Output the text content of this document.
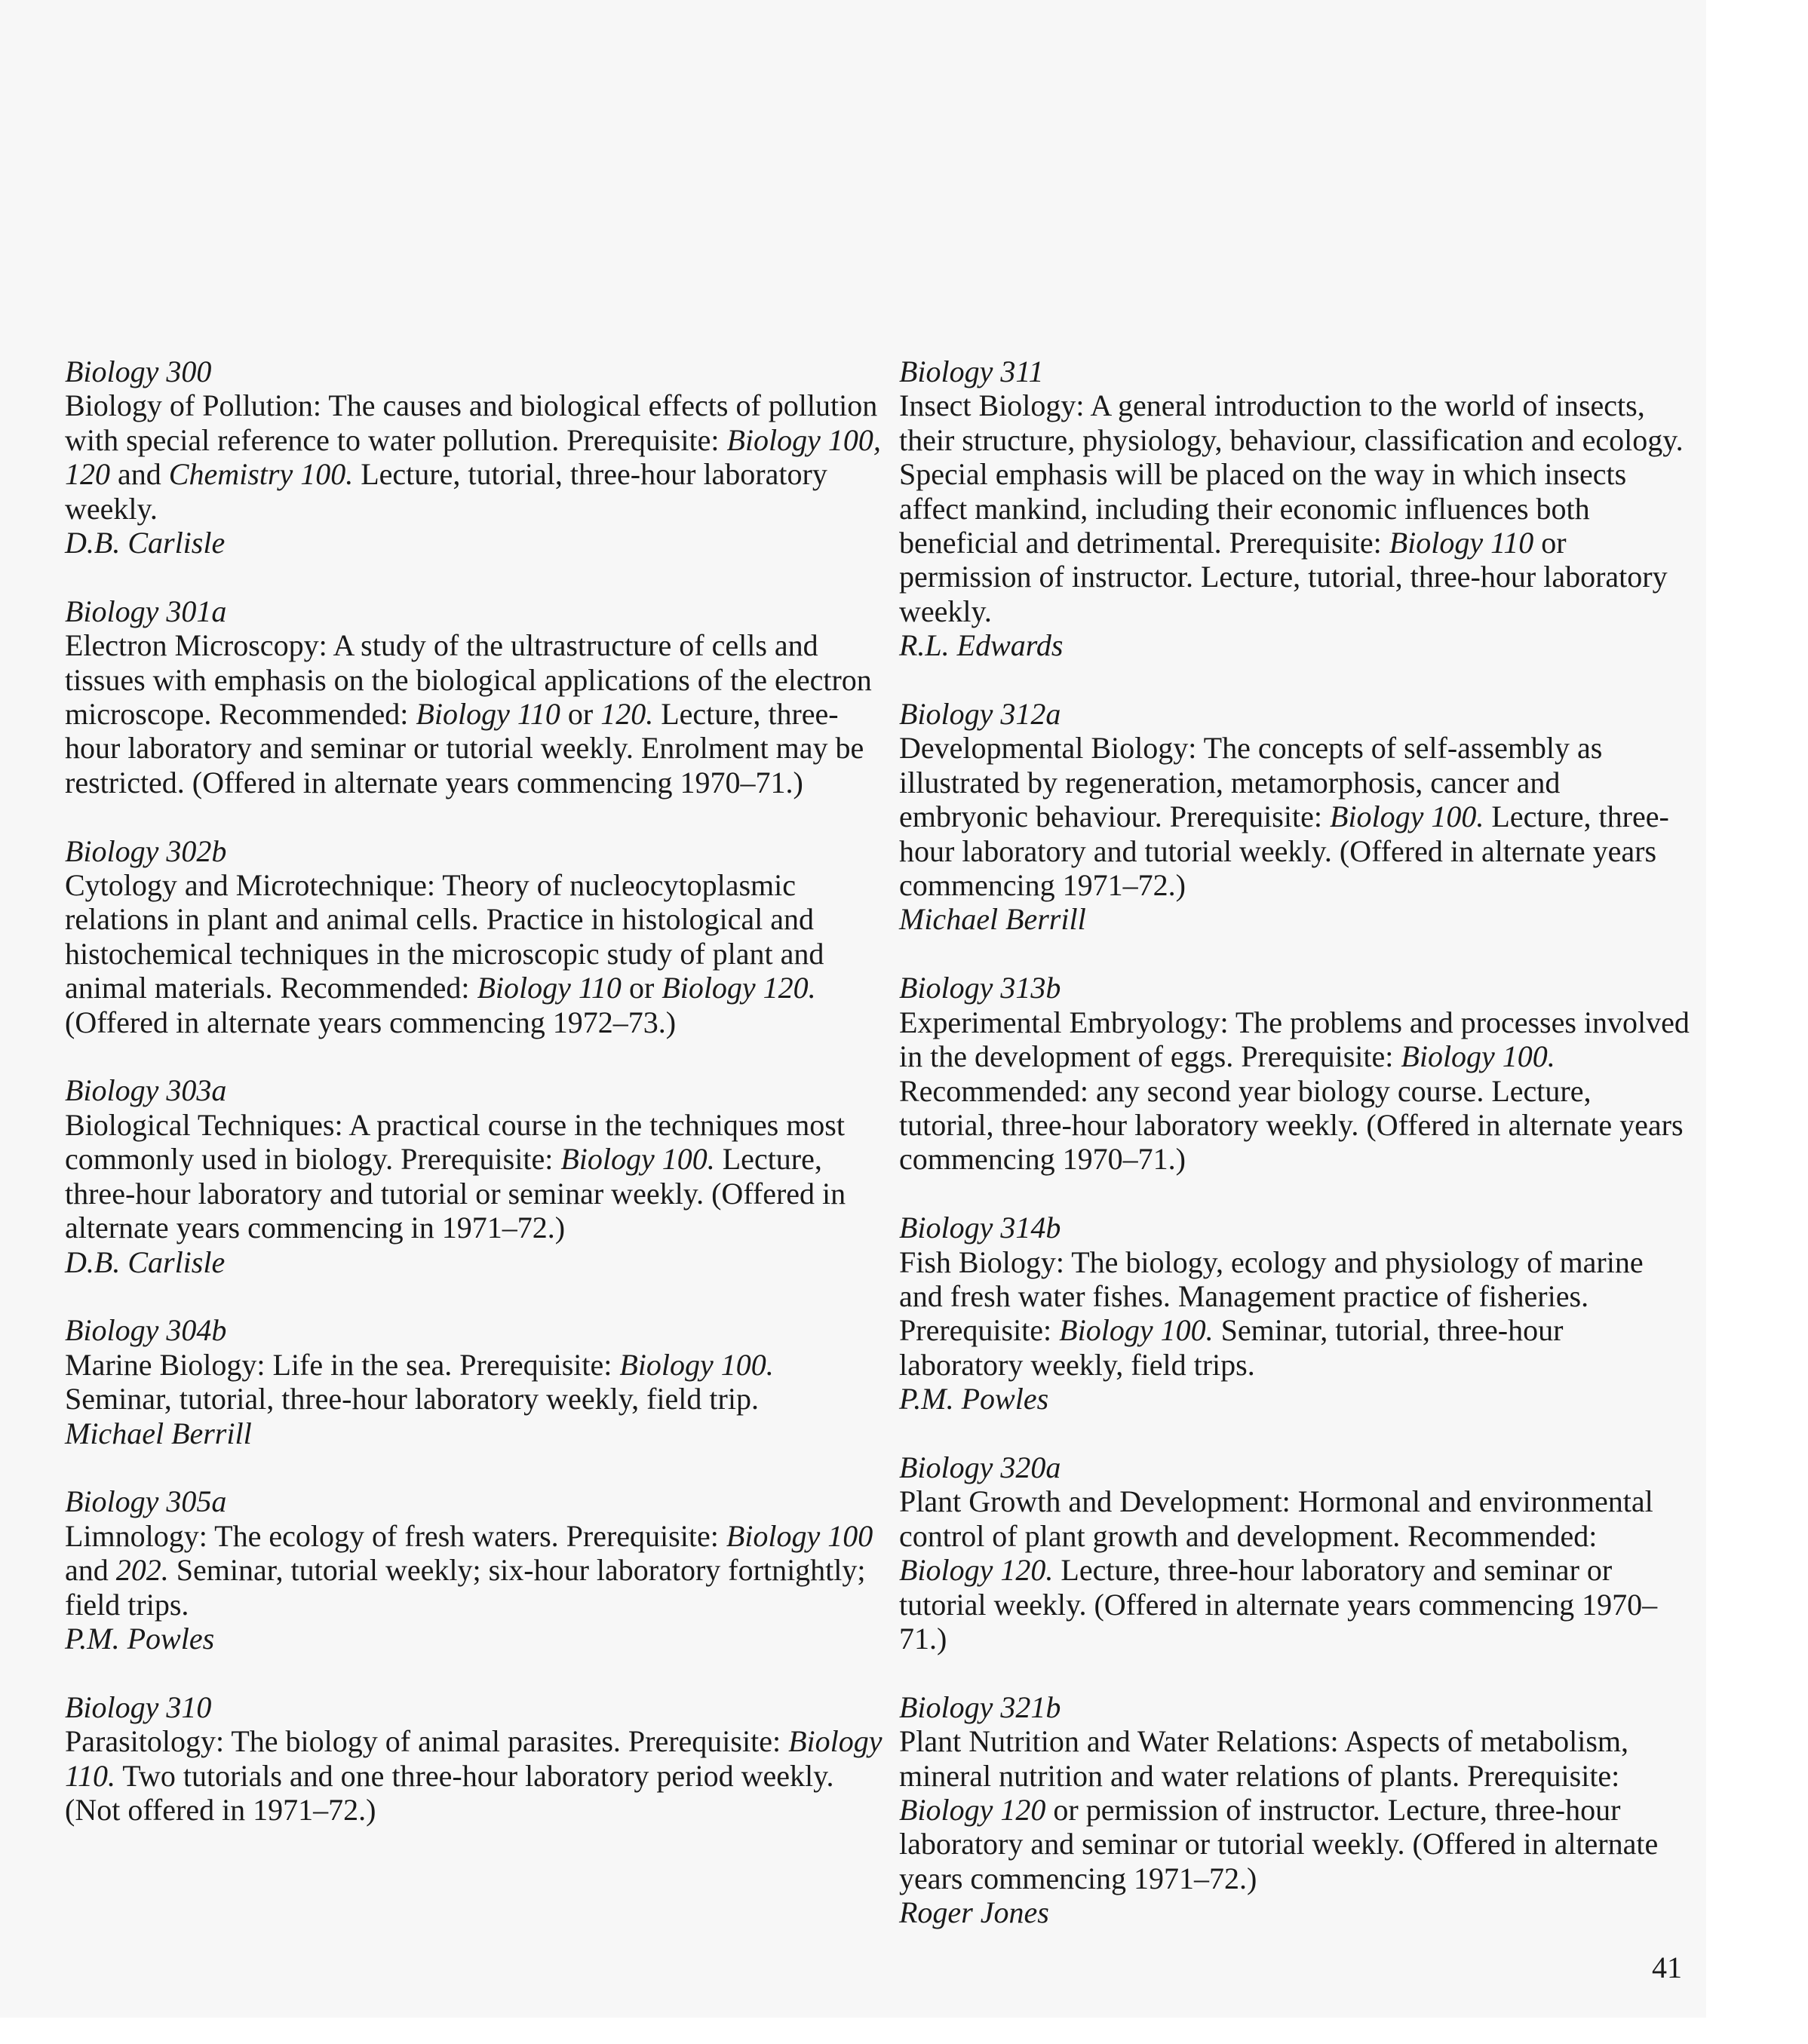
Biology 300
Biology of Pollution: The causes and biological effects of pollution with special reference to water pollution. Prerequisite: Biology 100, 120 and Chemistry 100. Lecture, tutorial, three-hour laboratory weekly.
D.B. Carlisle
Biology 301a
Electron Microscopy: A study of the ultrastructure of cells and tissues with emphasis on the biological applications of the electron microscope. Recommended: Biology 110 or 120. Lecture, three-hour laboratory and seminar or tutorial weekly. Enrolment may be restricted. (Offered in alternate years commencing 1970–71.)
Biology 302b
Cytology and Microtechnique: Theory of nucleocytoplasmic relations in plant and animal cells. Practice in histological and histochemical techniques in the microscopic study of plant and animal materials. Recommended: Biology 110 or Biology 120. (Offered in alternate years commencing 1972–73.)
Biology 303a
Biological Techniques: A practical course in the techniques most commonly used in biology. Prerequisite: Biology 100. Lecture, three-hour laboratory and tutorial or seminar weekly. (Offered in alternate years commencing in 1971–72.)
D.B. Carlisle
Biology 304b
Marine Biology: Life in the sea. Prerequisite: Biology 100. Seminar, tutorial, three-hour laboratory weekly, field trip.
Michael Berrill
Biology 305a
Limnology: The ecology of fresh waters. Prerequisite: Biology 100 and 202. Seminar, tutorial weekly; six-hour laboratory fortnightly; field trips.
P.M. Powles
Biology 310
Parasitology: The biology of animal parasites. Prerequisite: Biology 110. Two tutorials and one three-hour laboratory period weekly. (Not offered in 1971–72.)
Biology 311
Insect Biology: A general introduction to the world of insects, their structure, physiology, behaviour, classification and ecology. Special emphasis will be placed on the way in which insects affect mankind, including their economic influences both beneficial and detrimental. Prerequisite: Biology 110 or permission of instructor. Lecture, tutorial, three-hour laboratory weekly.
R.L. Edwards
Biology 312a
Developmental Biology: The concepts of self-assembly as illustrated by regeneration, metamorphosis, cancer and embryonic behaviour. Prerequisite: Biology 100. Lecture, three-hour laboratory and tutorial weekly. (Offered in alternate years commencing 1971–72.)
Michael Berrill
Biology 313b
Experimental Embryology: The problems and processes involved in the development of eggs. Prerequisite: Biology 100. Recommended: any second year biology course. Lecture, tutorial, three-hour laboratory weekly. (Offered in alternate years commencing 1970–71.)
Biology 314b
Fish Biology: The biology, ecology and physiology of marine and fresh water fishes. Management practice of fisheries. Prerequisite: Biology 100. Seminar, tutorial, three-hour laboratory weekly, field trips.
P.M. Powles
Biology 320a
Plant Growth and Development: Hormonal and environmental control of plant growth and development. Recommended: Biology 120. Lecture, three-hour laboratory and seminar or tutorial weekly. (Offered in alternate years commencing 1970–71.)
Biology 321b
Plant Nutrition and Water Relations: Aspects of metabolism, mineral nutrition and water relations of plants. Prerequisite: Biology 120 or permission of instructor. Lecture, three-hour laboratory and seminar or tutorial weekly. (Offered in alternate years commencing 1971–72.)
Roger Jones
41
